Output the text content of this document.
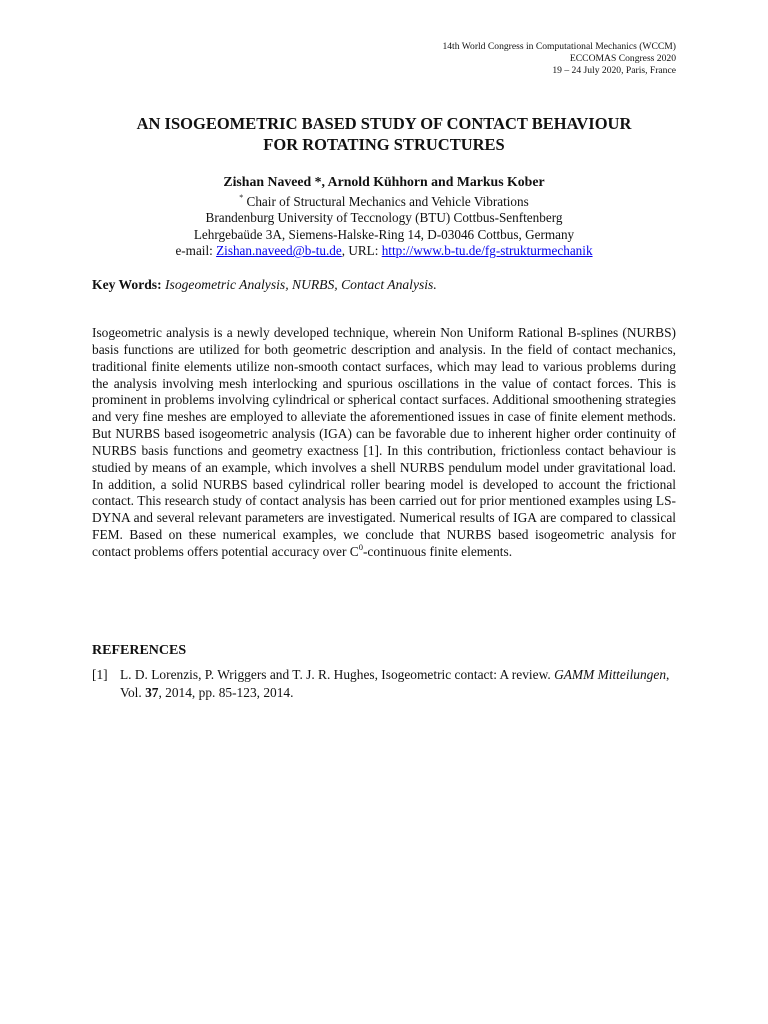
14th World Congress in Computational Mechanics (WCCM)
ECCOMAS Congress 2020
19 – 24 July 2020, Paris, France
AN ISOGEOMETRIC BASED STUDY OF CONTACT BEHAVIOUR
FOR ROTATING STRUCTURES
Zishan Naveed *, Arnold Kühhorn and Markus Kober
* Chair of Structural Mechanics and Vehicle Vibrations
Brandenburg University of Teccnology (BTU) Cottbus-Senftenberg
Lehrgebaüde 3A, Siemens-Halske-Ring 14, D-03046 Cottbus, Germany
e-mail: Zishan.naveed@b-tu.de, URL: http://www.b-tu.de/fg-strukturmechanik
Key Words: Isogeometric Analysis, NURBS, Contact Analysis.

Isogeometric analysis is a newly developed technique, wherein Non Uniform Rational B-splines (NURBS) basis functions are utilized for both geometric description and analysis. In the field of contact mechanics, traditional finite elements utilize non-smooth contact surfaces, which may lead to various problems during the analysis involving mesh interlocking and spurious oscillations in the value of contact forces. This is prominent in problems involving cylindrical or spherical contact surfaces. Additional smoothening strategies and very fine meshes are employed to alleviate the aforementioned issues in case of finite element methods. But NURBS based isogeometric analysis (IGA) can be favorable due to inherent higher order continuity of NURBS basis functions and geometry exactness [1]. In this contribution, frictionless contact behaviour is studied by means of an example, which involves a shell NURBS pendulum model under gravitational load. In addition, a solid NURBS based cylindrical roller bearing model is developed to account the frictional contact. This research study of contact analysis has been carried out for prior mentioned examples using LS-DYNA and several relevant parameters are investigated. Numerical results of IGA are compared to classical FEM. Based on these numerical examples, we conclude that NURBS based isogeometric analysis for contact problems offers potential accuracy over $C^0$-continuous finite elements.

REFERENCES
[1] L. D. Lorenzis, P. Wriggers and T. J. R. Hughes, Isogeometric contact: A review. GAMM Mitteilungen, Vol. 37, 2014, pp. 85-123, 2014.
